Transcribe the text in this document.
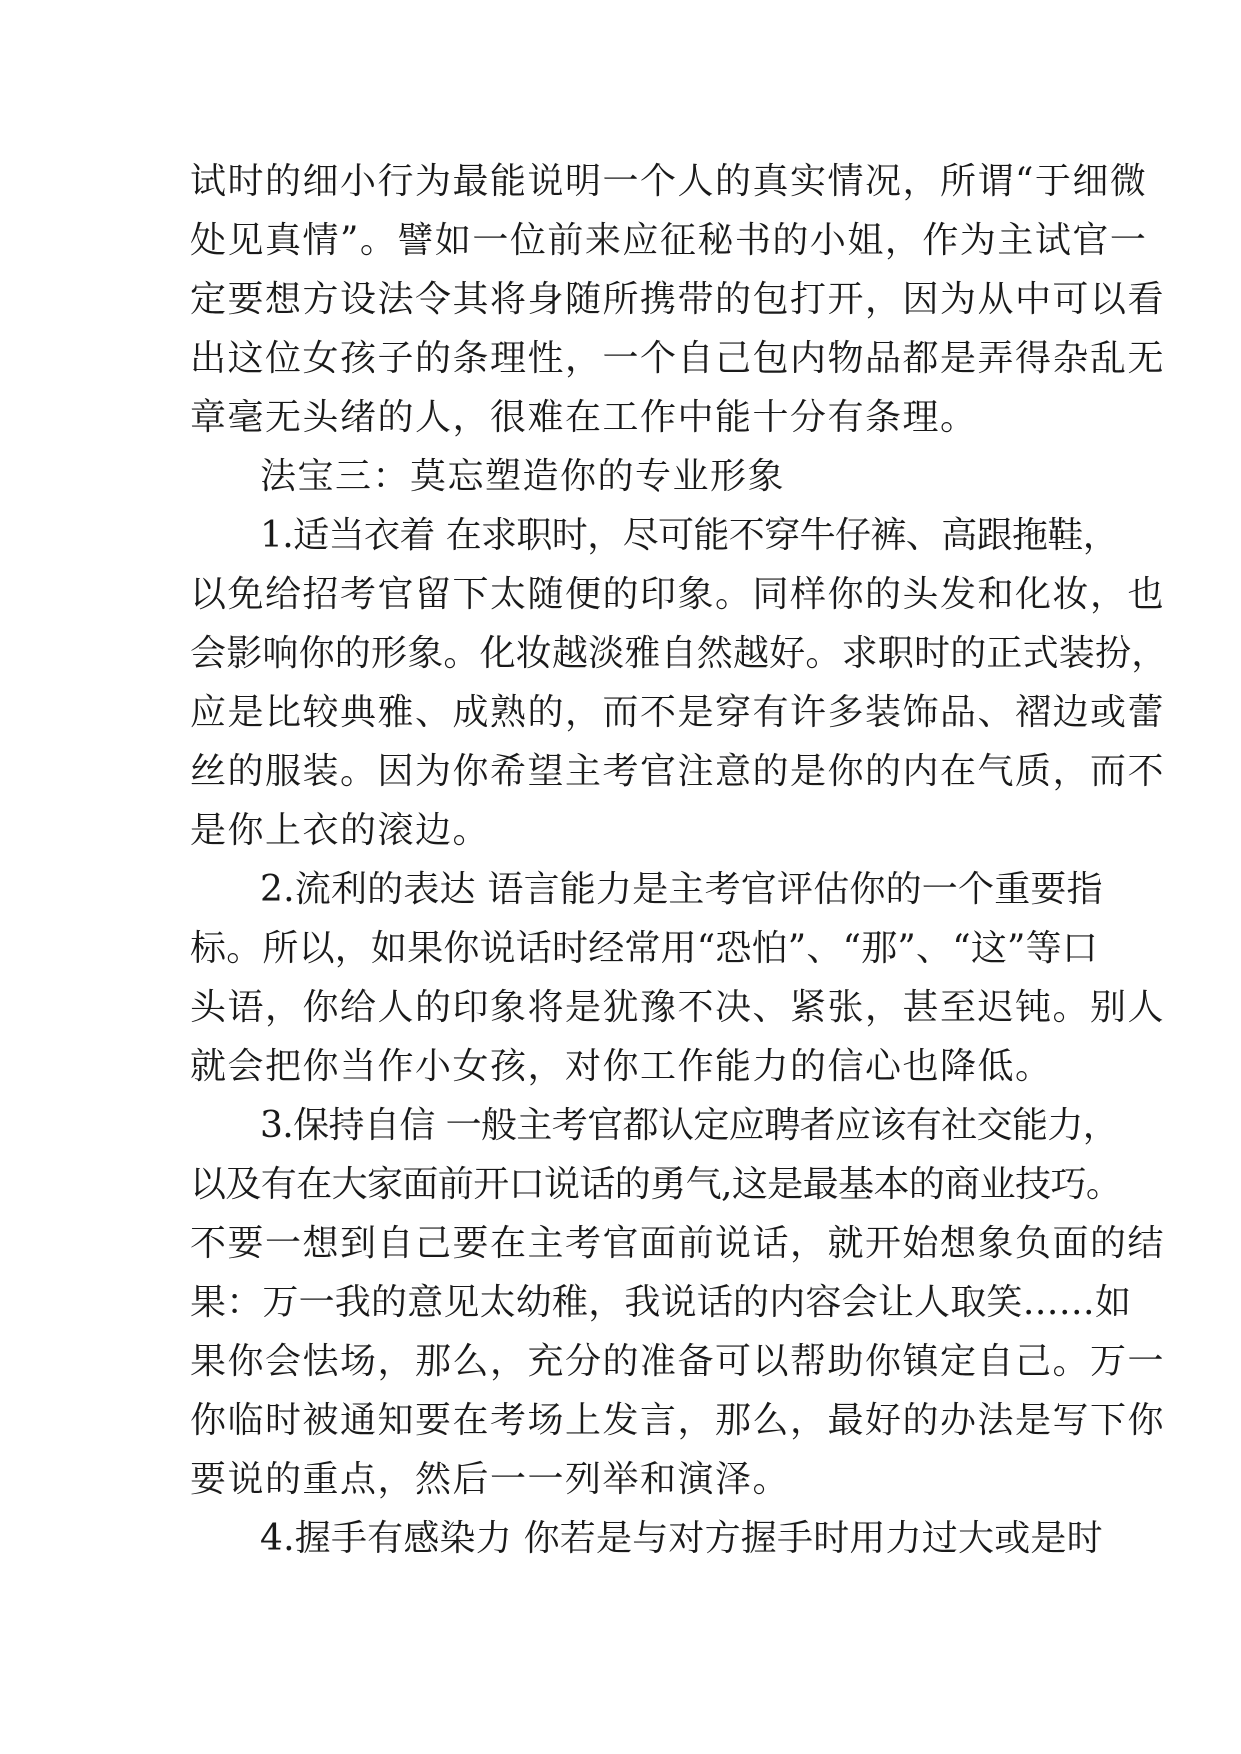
试时的细小行为最能说明一个人的真实情况，所谓“于细微
处见真情”。譬如一位前来应征秘书的小姐，作为主试官一
定要想方设法令其将身随所携带的包打开，因为从中可以看
出这位女孩子的条理性，一个自己包内物品都是弄得杂乱无
章毫无头绪的人，很难在工作中能十分有条理。
法宝三：莫忘塑造你的专业形象
1.适当衣着 在求职时，尽可能不穿牛仔裤、高跟拖鞋，
以免给招考官留下太随便的印象。同样你的头发和化妆，也
会影响你的形象。化妆越淡雅自然越好。求职时的正式装扮，
应是比较典雅、成熟的，而不是穿有许多装饰品、褶边或蕾
丝的服装。因为你希望主考官注意的是你的内在气质，而不
是你上衣的滚边。
2.流利的表达 语言能力是主考官评估你的一个重要指
标。所以，如果你说话时经常用“恐怕”、“那”、“这”等口
头语，你给人的印象将是犹豫不决、紧张，甚至迟钝。别人
就会把你当作小女孩，对你工作能力的信心也降低。
3.保持自信 一般主考官都认定应聘者应该有社交能力，
以及有在大家面前开口说话的勇气,这是最基本的商业技巧。
不要一想到自己要在主考官面前说话，就开始想象负面的结
果：万一我的意见太幼稚，我说话的内容会让人取笑……如
果你会怯场，那么，充分的准备可以帮助你镇定自己。万一
你临时被通知要在考场上发言，那么，最好的办法是写下你
要说的重点，然后一一列举和演泽。
4.握手有感染力 你若是与对方握手时用力过大或是时
